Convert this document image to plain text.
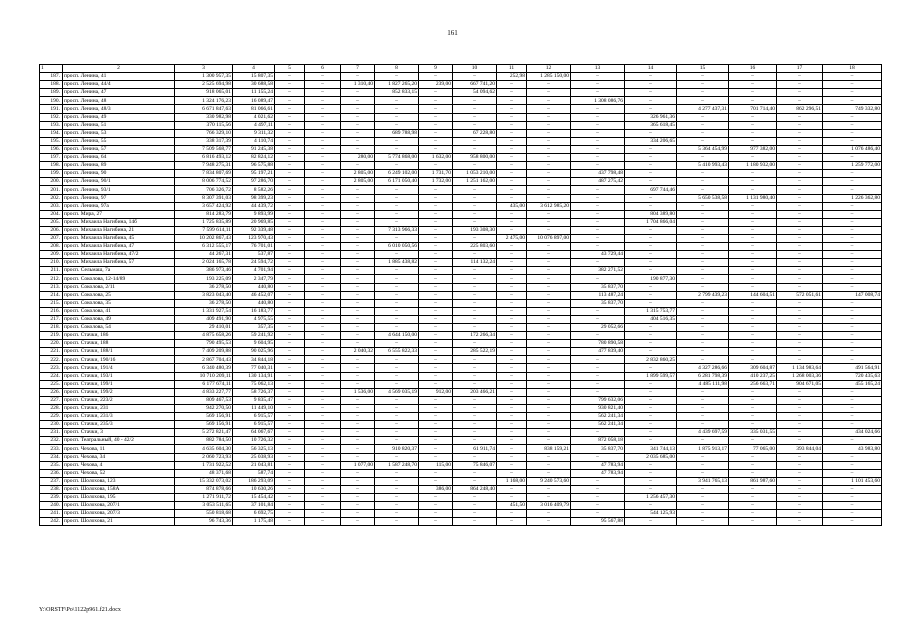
161
1	2	3	4	5	6	7	8	9	10	11	12	13	14	15	16	17	18
187.	просп. Ленина, 41	1 300 957,35	15 807,35	–	–	–	–	–	–	252,98	1 285 150,00	–	–	–	–	–	–
188.	просп. Ленина, 44/4	2 525 694,98	30 688,58	–	–	1 310,40	1 827 265,20	239,00	667 741,20	–	–	–	–	–	–	–	–
189.	просп. Ленина, 47	918 065,01	11 155,24	–	–	–	852 833,15	–	54 094,62	–	–	–	–	–	–	–	–
190.	просп. Ленина, 48	1 324 176,23	16 089,47	–	–	–	–	–	–	–	–	1 308 086,76	–	–	–	–	–
191.	просп. Ленина, 48/3	6 671 847,63	81 066,61	–	–	–	–	–	–	–	–	–	–	4 277 437,31	701 714,40	862 296,51	749 332,80
192.	просп. Ленина, 49	330 982,98	4 021,62	–	–	–	–	–	–	–	–	–	326 961,36	–	–	–	–
193.	просп. Ленина, 51	370 115,56	4 497,11	–	–	–	–	–	–	–	–	–	365 618,45	–	–	–	–
194.	просп. Ленина, 53	766 329,10	9 311,32	–	–	–	689 788,98	–	67 228,80	–	–	–	–	–	–	–	–
195.	просп. Ленина, 55	338 317,39	4 110,74	–	–	–	–	–	–	–	–	–	334 206,65	–	–	–	–
196.	просп. Ленина, 57	7 509 568,77	91 245,38	–	–	–	–	–	–	–	–	–	–	5 364 454,99	977 382,00	–	1 076 486,40
197.	просп. Ленина, 64	6 816 493,12	82 824,12	–	–	280,00	5 774 868,00	1 632,00	958 800,00	–	–	–	–	–	–	–	–
198.	просп. Ленина, 89	7 948 275,31	96 575,88	–	–	–	–	–	–	–	–	–	–	5 410 993,43	1 180 932,00	–	1 259 772,00
199.	просп. Ленина, 90	7 834 807,69	95 197,21	–	–	2 805,00	6 249 102,00	1 731,70	1 053 210,00	–	–	437 798,48	–	–	–	–	–
200.	просп. Ленина, 90/1	8 006 774,52	97 286,70	–	–	2 805,00	6 171 050,40	1 732,00	1 251 162,00	–	–	487 275,42	–	–	–	–	–
201.	просп. Ленина, 93/1	706 326,72	8 582,26	–	–	–	–	–	–	–	–	–	697 744,46	–	–	–	–
202.	просп. Ленина, 97	8 307 391,03	98 399,23	–	–	–	–	–	–	–	–	–	–	5 650 538,58	1 131 980,40	–	1 226 362,80
203.	просп. Ленина, 97а	3 657 424,92	44 439,72	–	–	–	–	–	–	435,00	3 612 985,20	–	–	–	–	–	–
204.	просп. Мира, 27	814 283,79	9 893,99	–	–	–	–	–	–	–	–	–	804 389,80	–	–	–	–
205.	просп. Михаила Нагибина, 14б	1 725 835,89	20 969,85	–	–	–	–	–	–	–	–	–	1 704 866,04	–	–	–	–
206.	просп. Михаила Нагибина, 21	7 599 614,11	92 339,48	–	–	–	7 313 966,33	–	193 308,30	–	–	–	–	–	–	–	–
207.	просп. Михаила Нагибина, 45	10 202 867,43	123 970,43	–	–	–	–	–	–	2 475,00	10 076 897,00	–	–	–	–	–	–
208.	просп. Михаила Нагибина, 47	6 312 555,17	76 701,01	–	–	–	6 010 050,56	–	225 803,60	–	–	–	–	–	–	–	–
209.	просп. Михаила Нагибина, 47/2	44 267,31	537,87	–	–	–	–	–	–	–	–	43 729,44	–	–	–	–	–
210.	просп. Михаила Нагибина, 57	2 024 165,78	24 594,72	–	–	–	1 885 438,82	–	114 132,24	–	–	–	–	–	–	–	–
211.	просп. Сельмаш, 7а	386 973,46	4 701,94	–	–	–	–	–	–	–	–	382 271,52	–	–	–	–	–
212.	просп. Соколова, 12-14/89	193 225,09	2 347,79	–	–	–	–	–	–	–	–	–	190 877,30	–	–	–	–
213.	просп. Соколова, 2/11	36 278,50	440,80	–	–	–	–	–	–	–	–	35 837,70	–	–	–	–	–
214.	просп. Соколова, 25	3 823 043,40	46 452,07	–	–	–	–	–	–	–	–	113 487,24	–	2 799 439,23	144 604,51	572 051,61	147 008,74
215.	просп. Соколова, 35	36 278,50	440,80	–	–	–	–	–	–	–	–	35 837,70	–	–	–	–	–
216.	просп. Соколова, 41	1 331 927,54	16 183,77	–	–	–	–	–	–	–	–	–	1 315 753,77	–	–	–	–
217.	просп. Соколова, 49	409 491,90	4 975,55	–	–	–	–	–	–	–	–	–	404 516,35	–	–	–	–
218.	просп. Соколова, 54	29 410,01	357,35	–	–	–	–	–	–	–	–	29 052,66	–	–	–	–	–
219.	просп. Стачки, 186	4 875 658,26	59 241,92	–	–	–	4 644 150,00	–	172 266,34	–	–	–	–	–	–	–	–
220.	просп. Стачки, 188	790 495,53	9 604,95	–	–	–	–	–	–	–	–	780 890,58	–	–	–	–	–
221.	просп. Стачки, 188/1	7 409 209,88	90 025,96	–	–	2 040,32	6 555 822,33	–	285 522,19	–	–	477 839,40	–	–	–	–	–
222.	просп. Стачки, 190/16	2 867 704,43	34 844,18	–	–	–	–	–	–	–	–	–	2 832 860,25	–	–	–	–
223.	просп. Стачки, 191/4	6 340 480,39	77 040,31	–	–	–	–	–	–	–	–	–	–	4 327 286,66	309 604,87	1 134 983,64	491 564,91
224.	просп. Стачки, 193/1	10 710 209,11	130 134,91	–	–	–	–	–	–	–	–	–	1 899 599,57	6 281 798,39	410 237,25	1 268 003,36	720 435,63
225.	просп. Стачки, 199/1	6 177 674,11	75 062,13	–	–	–	–	–	–	–	–	–	–	4 485 111,98	256 663,71	904 671,05	455 165,24
226.	просп. Стачки, 199/2	4 833 227,77	58 726,37	–	–	1 536,00	4 569 035,19	912,00	203 466,21	–	–	–	–	–	–	–	–
227.	просп. Стачки, 223/2	809 467,53	9 835,47	–	–	–	–	–	–	–	–	799 632,06	–	–	–	–	–
228.	просп. Стачки, 231	942 270,50	11 449,10	–	–	–	–	–	–	–	–	930 821,40	–	–	–	–	–
229.	просп. Стачки, 231/3	569 156,91	6 915,57	–	–	–	–	–	–	–	–	562 241,34	–	–	–	–	–
230.	просп. Стачки, 235/3	569 156,91	6 915,57	–	–	–	–	–	–	–	–	562 241,34	–	–	–	–	–
231.	просп. Стачки, 3	5 272 821,47	64 067,67	–	–	–	–	–	–	–	–	–	–	4 439 697,59	335 031,55	–	434 024,66
232.	просп. Театральный, 40 - 42/2	882 784,50	10 726,32	–	–	–	–	–	–	–	–	872 058,18	–	–	–	–	–
233.	просп. Чехова, 11	4 635 604,30	56 325,13	–	–	–	910 820,37	–	61 911,74	–	838 159,21	35 837,70	341 744,13	1 875 913,17	77 065,00	393 844,04	43 983,80
234.	просп. Чехова, 34	2 060 723,93	25 038,93	–	–	–	–	–	–	–	–	–	2 035 685,00	–	–	–	–
235.	просп. Чехова, 4	1 731 922,52	21 043,81	–	–	1 077,00	1 587 248,70	115,00	75 846,07	–	–	47 783,94	–	–	–	–	–
236.	просп. Чехова, 52	48 371,68	587,74	–	–	–	–	–	–	–	–	47 783,94	–	–	–	–	–
237.	просп. Шолохова, 123	15 332 073,02	186 293,09	–	–	–	–	–	–	1 168,00	9 240 573,60	–	–	3 941 765,13	861 987,60	–	1 101 453,60
238.	просп. Шолохова, 158А	874 878,66	10 630,26	–	–	–	–	386,00	864 248,40	–	–	–	–	–	–	–	–
239.	просп. Шолохова, 195	1 271 911,72	15 454,42	–	–	–	–	–	–	–	–	–	1 256 457,30	–	–	–	–
240.	просп. Шолохова, 207/1	3 053 511,65	37 101,84	–	–	–	–	–	–	451,50	3 016 409,79	–	–	–	–	–	–
241.	просп. Шолохова, 207/3	550 818,68	6 692,75	–	–	–	–	–	–	–	–	–	544 125,93	–	–	–	–
242.	просп. Шолохова, 21	96 743,36	1 175,48	–	–	–	–	–	–	–	–	95 567,88	–	–	–	–	–
Y:\ORSTF\Po\1122p961.f21.docx
